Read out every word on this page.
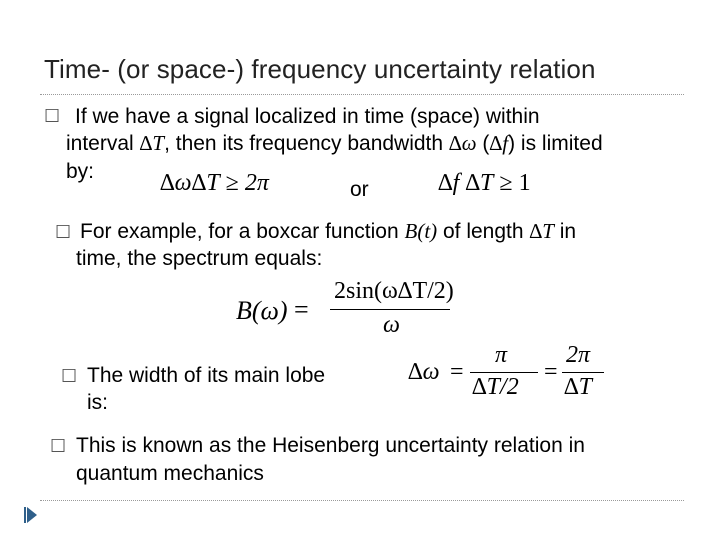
Time- (or space-) frequency uncertainty relation
☐ If we have a signal localized in time (space) within
interval ∆T, then its frequency bandwidth ∆ω (∆f) is limited
by:	∆ω∆T ≥ 2π	or	∆f ∆T ≥ 1
☐ For example, for a boxcar function B(t) of length ∆T in
time, the spectrum equals:
B(ω) =
2sin(ω∆T/2)
ω
☐ The width of its main lobe
is:
∆ω =
π
∆T/2
=
2π
∆T
☐ This is known as the Heisenberg uncertainty relation in
quantum mechanics
